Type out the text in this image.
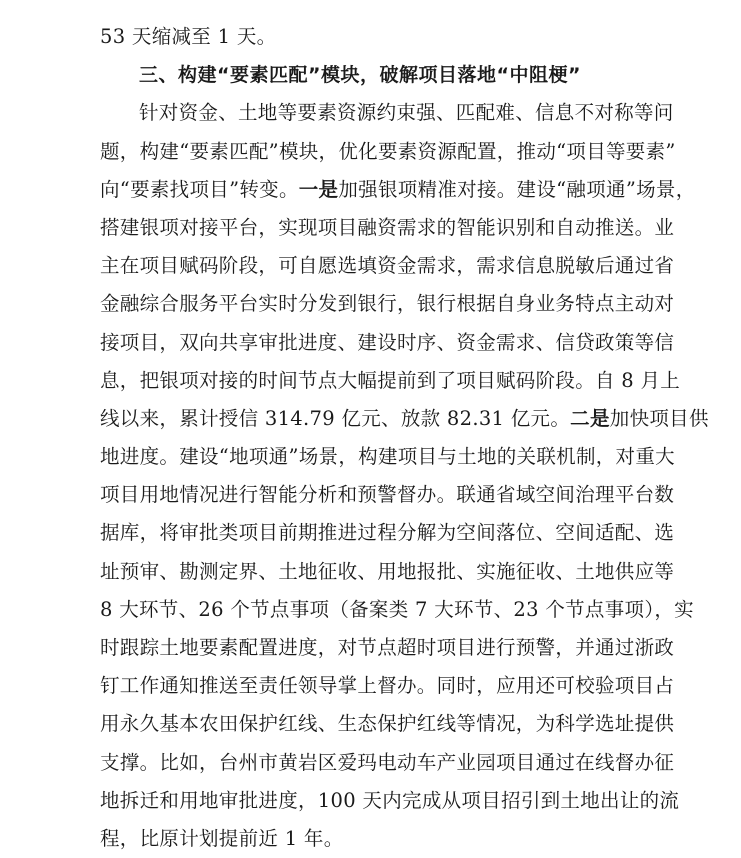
53 天缩减至 1 天。
三、构建“要素匹配”模块，破解项目落地“中阻梗”
针对资金、土地等要素资源约束强、匹配难、信息不对称等问
题，构建“要素匹配”模块，优化要素资源配置，推动“项目等要素”
向“要素找项目”转变。一是加强银项精准对接。建设“融项通”场景，
搭建银项对接平台，实现项目融资需求的智能识别和自动推送。业
主在项目赋码阶段，可自愿选填资金需求，需求信息脱敏后通过省
金融综合服务平台实时分发到银行，银行根据自身业务特点主动对
接项目，双向共享审批进度、建设时序、资金需求、信贷政策等信
息，把银项对接的时间节点大幅提前到了项目赋码阶段。自 8 月上
线以来，累计授信 314.79 亿元、放款 82.31 亿元。二是加快项目供
地进度。建设“地项通”场景，构建项目与土地的关联机制，对重大
项目用地情况进行智能分析和预警督办。联通省域空间治理平台数
据库，将审批类项目前期推进过程分解为空间落位、空间适配、选
址预审、勘测定界、土地征收、用地报批、实施征收、土地供应等
8 大环节、26 个节点事项（备案类 7 大环节、23 个节点事项），实
时跟踪土地要素配置进度，对节点超时项目进行预警，并通过浙政
钉工作通知推送至责任领导掌上督办。同时，应用还可校验项目占
用永久基本农田保护红线、生态保护红线等情况，为科学选址提供
支撑。比如，台州市黄岩区爱玛电动车产业园项目通过在线督办征
地拆迁和用地审批进度，100 天内完成从项目招引到土地出让的流
程，比原计划提前近 1 年。
